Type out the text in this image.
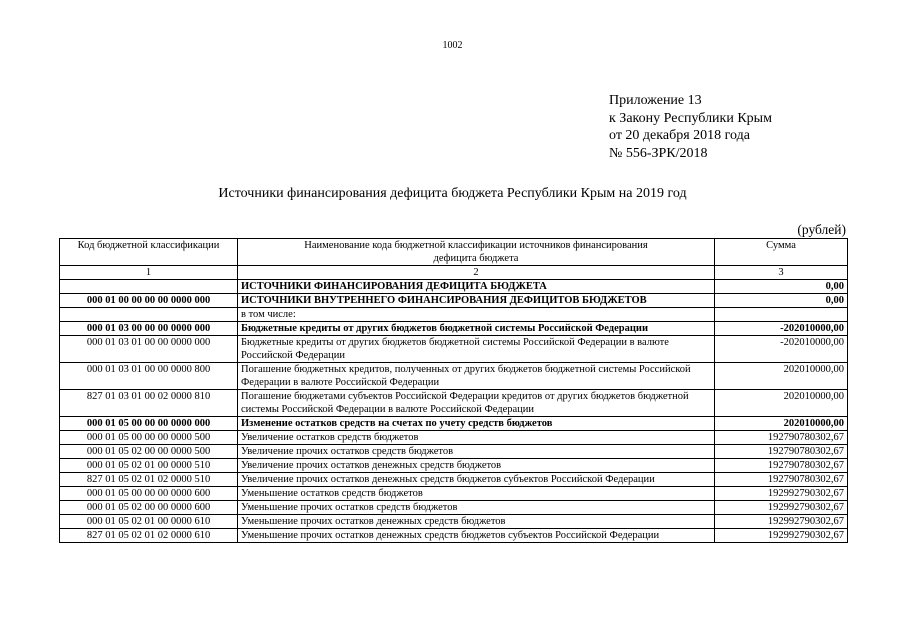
1002
Приложение 13
к Закону Республики Крым
от 20 декабря 2018 года
№ 556-ЗРК/2018
Источники финансирования дефицита бюджета Республики Крым на 2019 год
(рублей)
Код бюджетной классификации	Наименование кода бюджетной классификации источников финансирования дефицита бюджета	Сумма
1	2	3
	ИСТОЧНИКИ ФИНАНСИРОВАНИЯ ДЕФИЦИТА БЮДЖЕТА	0,00
000 01 00 00 00 00 0000 000	ИСТОЧНИКИ ВНУТРЕННЕГО ФИНАНСИРОВАНИЯ ДЕФИЦИТОВ БЮДЖЕТОВ	0,00
	в том числе:	
000 01 03 00 00 00 0000 000	Бюджетные кредиты от других бюджетов бюджетной системы Российской Федерации	-202010000,00
000 01 03 01 00 00 0000 000	Бюджетные кредиты от других бюджетов бюджетной системы Российской Федерации в валюте Российской Федерации	-202010000,00
000 01 03 01 00 00 0000 800	Погашение бюджетных кредитов, полученных от других бюджетов бюджетной системы Российской Федерации в валюте Российской Федерации	202010000,00
827 01 03 01 00 02 0000 810	Погашение бюджетами субъектов Российской Федерации кредитов от других бюджетов бюджетной системы Российской Федерации в валюте Российской Федерации	202010000,00
000 01 05 00 00 00 0000 000	Изменение остатков средств на счетах по учету средств бюджетов	202010000,00
000 01 05 00 00 00 0000 500	Увеличение остатков средств бюджетов	192790780302,67
000 01 05 02 00 00 0000 500	Увеличение прочих остатков средств бюджетов	192790780302,67
000 01 05 02 01 00 0000 510	Увеличение прочих остатков денежных средств бюджетов	192790780302,67
827 01 05 02 01 02 0000 510	Увеличение прочих остатков денежных средств бюджетов субъектов Российской Федерации	192790780302,67
000 01 05 00 00 00 0000 600	Уменьшение остатков средств бюджетов	192992790302,67
000 01 05 02 00 00 0000 600	Уменьшение прочих остатков средств бюджетов	192992790302,67
000 01 05 02 01 00 0000 610	Уменьшение прочих остатков денежных средств бюджетов	192992790302,67
827 01 05 02 01 02 0000 610	Уменьшение прочих остатков денежных средств бюджетов субъектов Российской Федерации	192992790302,67
